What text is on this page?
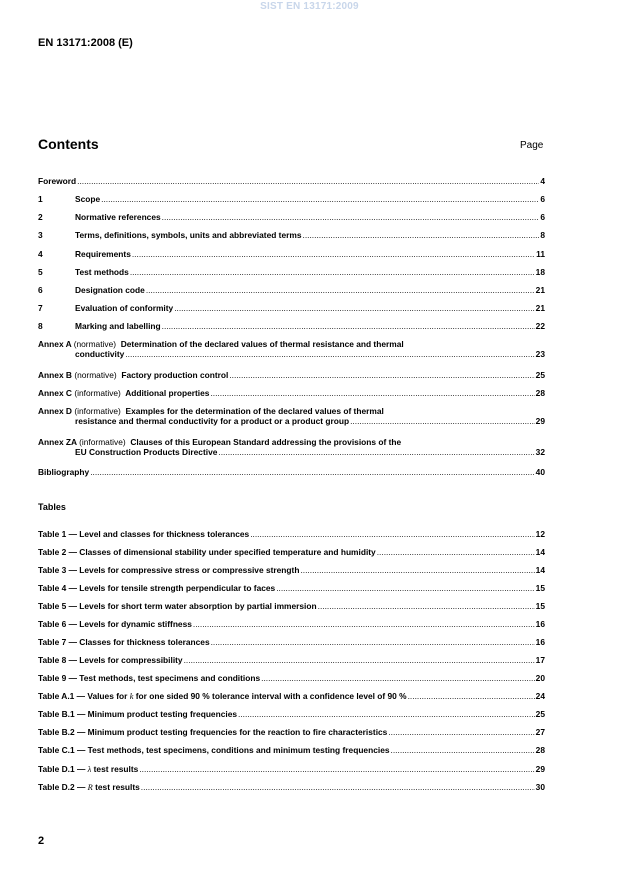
SIST EN 13171:2009
EN 13171:2008 (E)
Contents	Page
Foreword .....	4
1	Scope .....	6
2	Normative references .....	6
3	Terms, definitions, symbols, units and abbreviated terms .....	8
4	Requirements .....	11
5	Test methods .....	18
6	Designation code .....	21
7	Evaluation of conformity .....	21
8	Marking and labelling .....	22
Annex A (normative) Determination of the declared values of thermal resistance and thermal
conductivity .....	23
Annex B (normative) Factory production control .....	25
Annex C (informative) Additional properties .....	28
Annex D (informative) Examples for the determination of the declared values of thermal
resistance and thermal conductivity for a product or a product group .....	29
Annex ZA (informative) Clauses of this European Standard addressing the provisions of the
EU Construction Products Directive .....	32
Bibliography .....	40
Tables
Table 1 — Level and classes for thickness tolerances .....	12
Table 2 — Classes of dimensional stability under specified temperature and humidity .....	14
Table 3 — Levels for compressive stress or compressive strength .....	14
Table 4 — Levels for tensile strength perpendicular to faces .....	15
Table 5 — Levels for short term water absorption by partial immersion .....	15
Table 6 — Levels for dynamic stiffness .....	16
Table 7 — Classes for thickness tolerances .....	16
Table 8 — Levels for compressibility .....	17
Table 9 — Test methods, test specimens and conditions .....	20
Table A.1 — Values for k for one sided 90 % tolerance interval with a confidence level of 90 % .....	24
Table B.1 — Minimum product testing frequencies .....	25
Table B.2 — Minimum product testing frequencies for the reaction to fire characteristics .....	27
Table C.1 — Test methods, test specimens, conditions and minimum testing frequencies .....	28
Table D.1 — λ test results .....	29
Table D.2 — R test results .....	30
2
